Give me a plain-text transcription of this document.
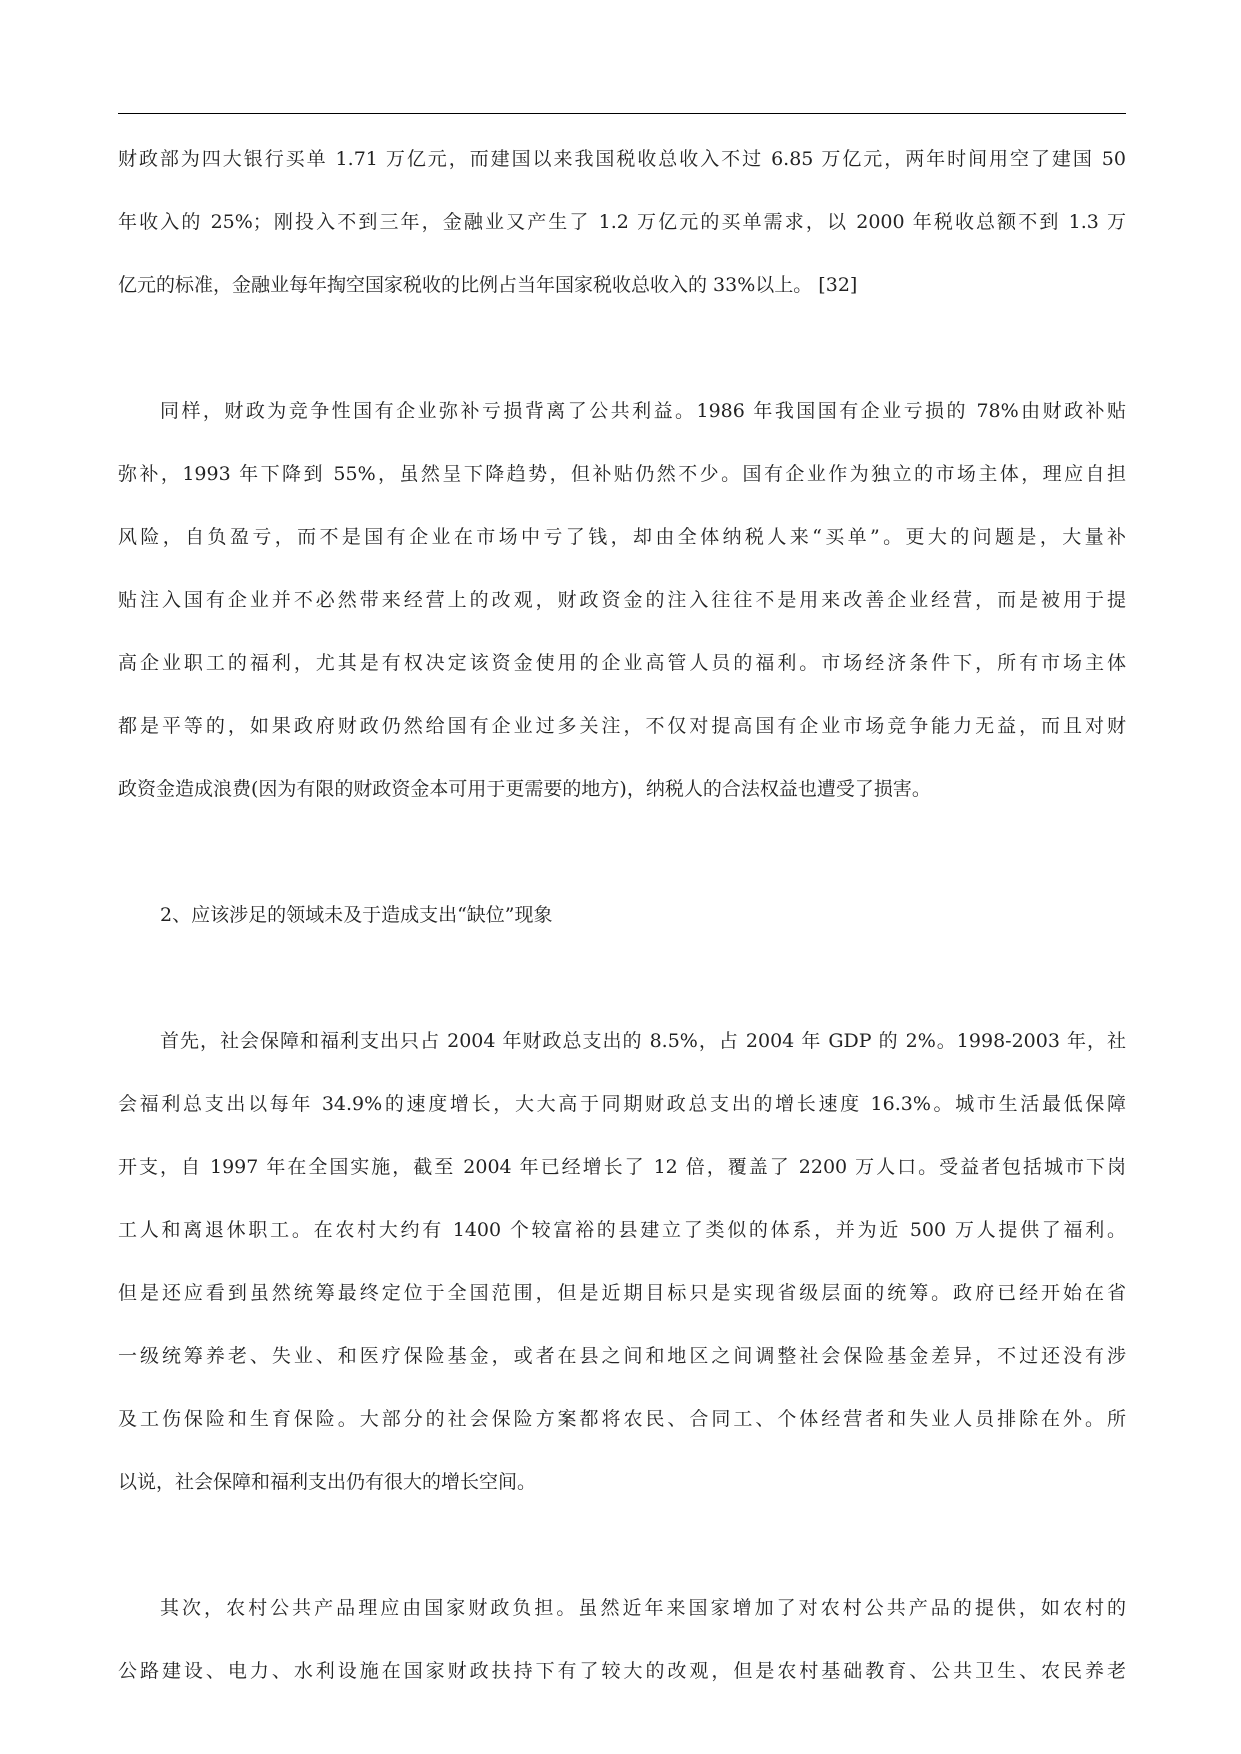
财政部为四大银行买单 1.71 万亿元，而建国以来我国税收总收入不过 6.85 万亿元，两年时间用空了建国 50
年收入的 25%；刚投入不到三年，金融业又产生了 1.2 万亿元的买单需求，以 2000 年税收总额不到 1.3 万
亿元的标准，金融业每年掏空国家税收的比例占当年国家税收总收入的 33%以上。 [32]
同样，财政为竞争性国有企业弥补亏损背离了公共利益。1986 年我国国有企业亏损的 78%由财政补贴
弥补，1993 年下降到 55%，虽然呈下降趋势，但补贴仍然不少。国有企业作为独立的市场主体，理应自担
风险，自负盈亏，而不是国有企业在市场中亏了钱，却由全体纳税人来“买单”。更大的问题是，大量补
贴注入国有企业并不必然带来经营上的改观，财政资金的注入往往不是用来改善企业经营，而是被用于提
高企业职工的福利，尤其是有权决定该资金使用的企业高管人员的福利。市场经济条件下，所有市场主体
都是平等的，如果政府财政仍然给国有企业过多关注，不仅对提高国有企业市场竞争能力无益，而且对财
政资金造成浪费(因为有限的财政资金本可用于更需要的地方)，纳税人的合法权益也遭受了损害。
2、应该涉足的领域未及于造成支出“缺位”现象
首先，社会保障和福利支出只占 2004 年财政总支出的 8.5%，占 2004 年 GDP 的 2%。1998-2003 年，社
会福利总支出以每年 34.9%的速度增长，大大高于同期财政总支出的增长速度 16.3%。城市生活最低保障
开支，自 1997 年在全国实施，截至 2004 年已经增长了 12 倍，覆盖了 2200 万人口。受益者包括城市下岗
工人和离退休职工。在农村大约有 1400 个较富裕的县建立了类似的体系，并为近 500 万人提供了福利。
但是还应看到虽然统筹最终定位于全国范围，但是近期目标只是实现省级层面的统筹。政府已经开始在省
一级统筹养老、失业、和医疗保险基金，或者在县之间和地区之间调整社会保险基金差异，不过还没有涉
及工伤保险和生育保险。大部分的社会保险方案都将农民、合同工、个体经营者和失业人员排除在外。所
以说，社会保障和福利支出仍有很大的增长空间。
其次，农村公共产品理应由国家财政负担。虽然近年来国家增加了对农村公共产品的提供，如农村的
公路建设、电力、水利设施在国家财政扶持下有了较大的改观，但是农村基础教育、公共卫生、农民养老
